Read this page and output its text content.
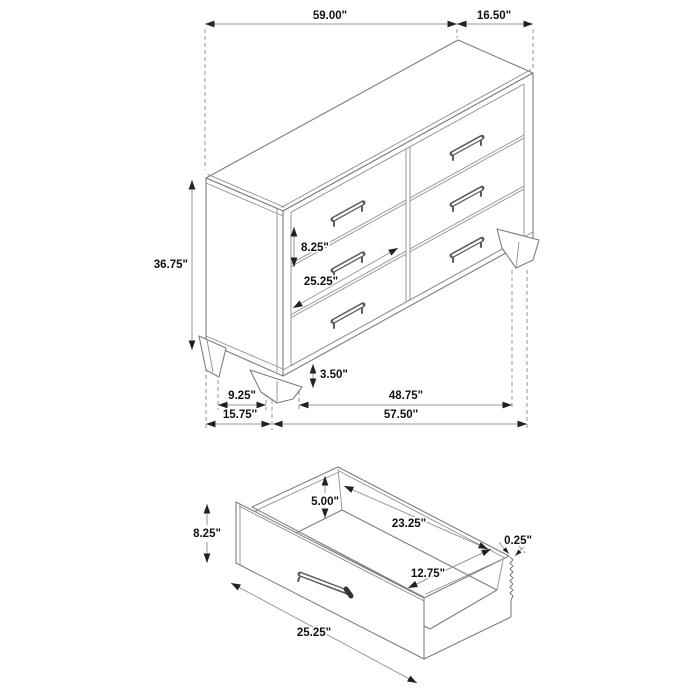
59.00"	16.50"
36.75"
8.25"
25.25"
3.50"
9.25"	48.75"
15.75''	57.50''
8.25"
5.00"
23.25"
0.25"
12.75"
25.25"
